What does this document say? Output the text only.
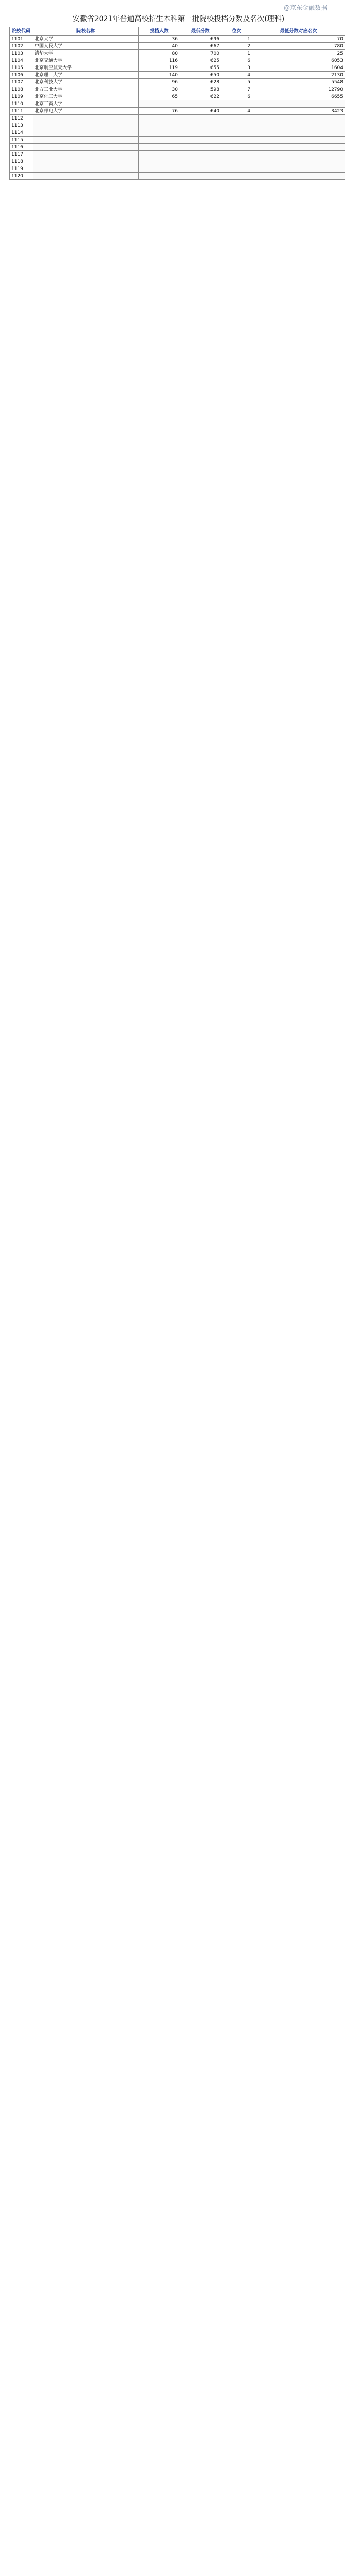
@京东金融数据
安徽省2021年普通高校招生本科第一批院校投档分数及名次(理科)
院校代码	院校名称	投档人数	最低分数	位次	最低分数对应名次
1101	北京大学	36	696	1	70
1102	中国人民大学	40	667	2	780
1103	清华大学	80	700	1	25
1104	北京交通大学	116	625	6	6053
1105	北京航空航天大学	119	655	3	1604
1106	北京理工大学	140	650	4	2130
1107	北京科技大学	96	628	5	5548
1108	北方工业大学	30	598	7	12790
1109	北京化工大学	65	622	6	6655
1110	北京工商大学				
1111	北京邮电大学	76	640	4	3423
1112					
1113					
1114					
1115					
1116					
1117					
1118					
1119					
1120					
